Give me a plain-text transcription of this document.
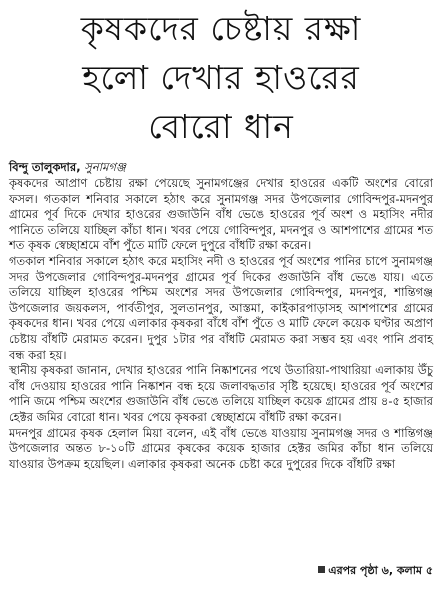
কৃষকদের চেষ্টায় রক্ষা
হলো দেখার হাওরের
বোরো ধান
বিন্দু তালুকদার, সুনামগঞ্জ

কৃষকদের আপ্রাণ চেষ্টায় রক্ষা পেয়েছে সুনামগঞ্জের দেখার হাওরের একটি অংশের বোরো ফসল। গতকাল শনিবার সকালে হঠাৎ করে সুনামগঞ্জ সদর উপজেলার গোবিন্দপুর-মদনপুর গ্রামের পূর্ব দিকে দেখার হাওরের গুজাউনি বাঁধ ভেঙে হাওরের পূর্ব অংশ ও মহাসিং নদীর পানিতে তলিয়ে যাচ্ছিল কাঁচা ধান। খবর পেয়ে গোবিন্দপুর, মদনপুর ও আশপাশের গ্রামের শত শত কৃষক স্বেচ্ছাশ্রমে বাঁশ পুঁতে মাটি ফেলে দুপুরে বাঁধটি রক্ষা করেন।

গতকাল শনিবার সকালে হঠাৎ করে মহাসিং নদী ও হাওরের পূর্ব অংশের পানির চাপে সুনামগঞ্জ সদর উপজেলার গোবিন্দপুর-মদনপুর গ্রামের পূর্ব দিকের গুজাউনি বাঁধ ভেঙে যায়। এতে তলিয়ে যাচ্ছিল হাওরের পশ্চিম অংশের সদর উপজেলার গোবিন্দপুর, মদনপুর, শান্তিগঞ্জ উপজেলার জয়কলস, পার্বতীপুর, সুলতানপুর, আস্তমা, কাইকারপাড়াসহ আশপাশের গ্রামের কৃষকদের ধান। খবর পেয়ে এলাকার কৃষকরা বাঁধে বাঁশ পুঁতে ও মাটি ফেলে কয়েক ঘণ্টার অপ্রাণ চেষ্টায় বাঁধটি মেরামত করেন। দুপুর ১টার পর বাঁধটি মেরামত করা সম্ভব হয় এবং পানি প্রবাহ বন্ধ করা হয়।

স্থানীয় কৃষকরা জানান, দেখার হাওরের পানি নিষ্কাশনের পথে উতারিয়া-পাথারিয়া এলাকায় উঁচু বাঁধ দেওয়ায় হাওরের পানি নিষ্কাশন বন্ধ হয়ে জলাবদ্ধতার সৃষ্টি হয়েছে। হাওরের পূর্ব অংশের পানি জমে পশ্চিম অংশের গুজাউনি বাঁধ ভেঙে তলিয়ে যাচ্ছিল কয়েক গ্রামের প্রায় ৪-৫ হাজার হেক্টর জমির বোরো ধান। খবর পেয়ে কৃষকরা স্বেচ্ছাশ্রমে বাঁধটি রক্ষা করেন।

মদনপুর গ্রামের কৃষক হেলাল মিয়া বলেন, এই বাঁধ ভেঙে যাওয়ায় সুনামগঞ্জ সদর ও শান্তিগঞ্জ উপজেলার অন্তত ৮-১০টি গ্রামের কৃষকের কয়েক হাজার হেক্টর জমির কাঁচা ধান তলিয়ে যাওয়ার উপক্রম হয়েছিল। এলাকার কৃষকরা অনেক চেষ্টা করে দুপুরের দিকে বাঁধটি রক্ষা

এরপর পৃষ্ঠা ৬, কলাম ৫
